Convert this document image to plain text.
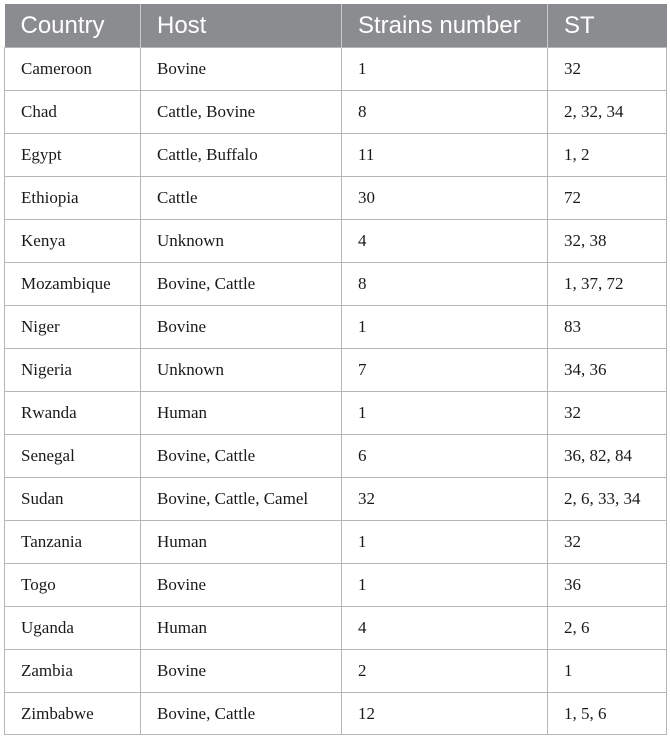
Country	Host	Strains number	ST
Cameroon	Bovine	1	32
Chad	Cattle, Bovine	8	2, 32, 34
Egypt	Cattle, Buffalo	11	1, 2
Ethiopia	Cattle	30	72
Kenya	Unknown	4	32, 38
Mozambique	Bovine, Cattle	8	1, 37, 72
Niger	Bovine	1	83
Nigeria	Unknown	7	34, 36
Rwanda	Human	1	32
Senegal	Bovine, Cattle	6	36, 82, 84
Sudan	Bovine, Cattle, Camel	32	2, 6, 33, 34
Tanzania	Human	1	32
Togo	Bovine	1	36
Uganda	Human	4	2, 6
Zambia	Bovine	2	1
Zimbabwe	Bovine, Cattle	12	1, 5, 6
